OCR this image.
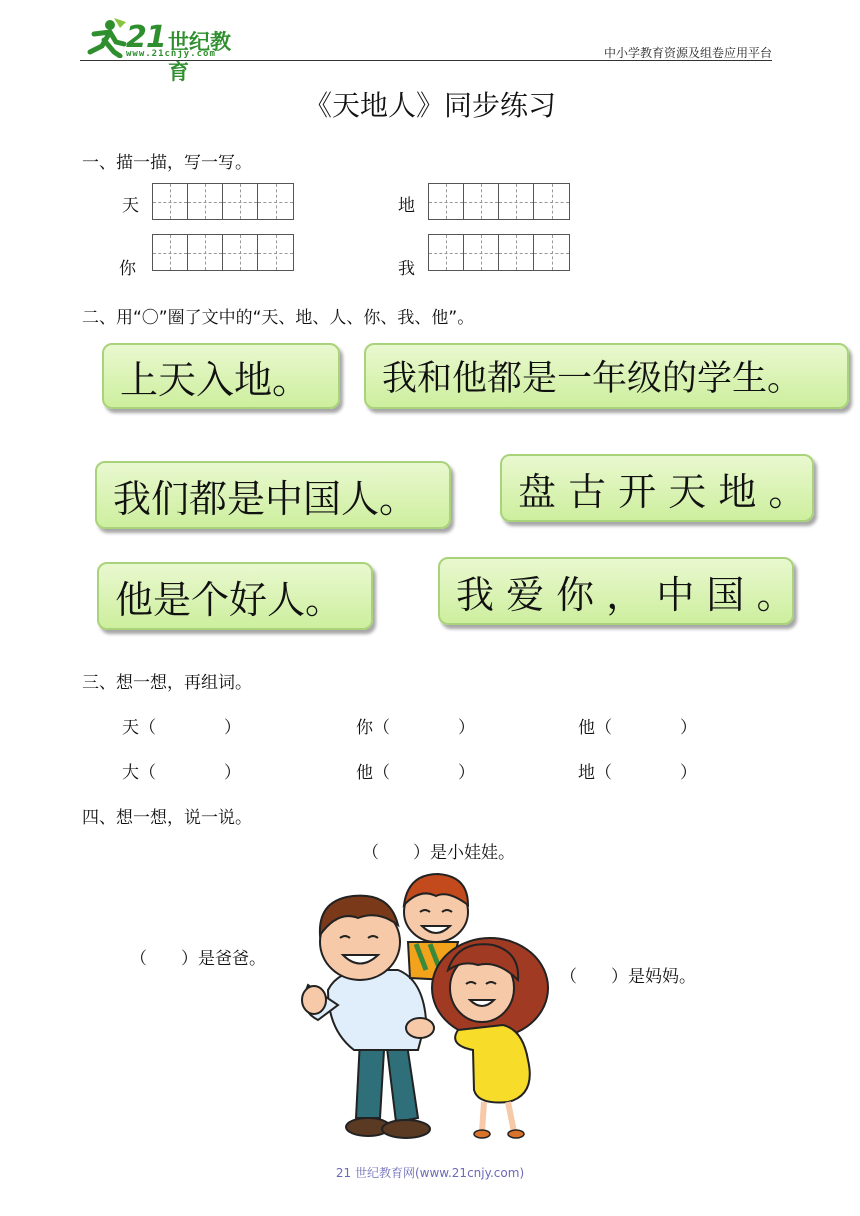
21 世纪教育
www.21cnjy.com	中小学教育资源及组卷应用平台
《天地人》同步练习
一、描一描，写一写。
天	地
你	我
二、用“〇”圈了文中的“天、地、人、你、我、他”。
上天入地。	我和他都是一年级的学生。
我们都是中国人。	盘 古 开 天 地 。
他是个好人。	我 爱 你 ， 中 国 。
三、想一想，再组词。
天（　　　　）	你（　　　　）	他（　　　　）
大（　　　　）	他（　　　　）	地（　　　　）
四、想一想，说一说。
（　　）是小娃娃。
（　　）是爸爸。
（　　）是妈妈。
21 世纪教育网(www.21cnjy.com)
